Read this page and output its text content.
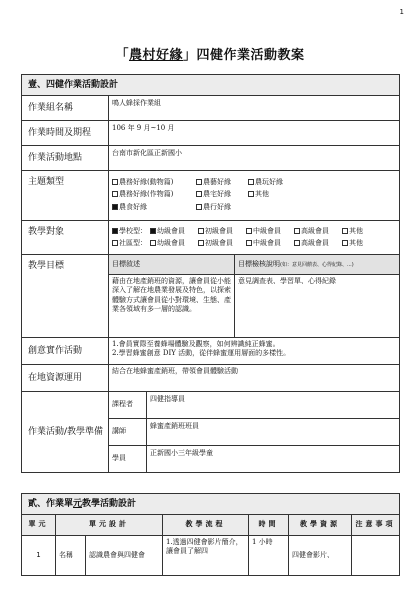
1
「農村好緣」四健作業活動教案
壹、四健作業活動設計			
作業組名稱	鳴人蜂採作業組		
作業時間及期程	106 年 9 月~10 月		
作業活動地點	台南市新化區正新國小		
主題類型	農務好緣(動物篇) 農藝好緣 農玩好緣
農務好緣(作物篇) 農宅好緣 其他
農食好緣 農行好緣		

教學對象	學校型： 幼級會員 初級會員 中級會員 高級會員 其他
社區型： 幼級會員 初級會員 中級會員 高級會員 其他		

教學目標	目標敘述		目標檢核說明(如：意見回饋表、心得紀錄、...)
	藉由在地產銷班的資源，讓會員從小能深入了解在地農業發展及特色，以探索體驗方式讓會員從小對環境、生態、產業各領域有多一層的認識。		意見調查表、學習單、心得紀錄
創意實作活動	1.會員實際至養蜂場體驗及觀察，如何辨識純正蜂蜜。
2.學習蜂蜜創意 DIY 活動，從伴蜂蜜運用層面的多樣性。		

在地資源運用	結合在地蜂蜜產銷班，帶領會員體驗活動		
作業活動/教學準備	課程者	四健指導員	
	講師	蜂蜜產銷班班員	
	學員	正新國小三年級學童	
貳、作業單元教學活動設計						
單元	單元設計		教學流程	時間	教學資源	注意事項
1	名稱	認識農會與四健會	1.透過四健會影片簡介，讓會員了解四	1 小時	四健會影片、	
